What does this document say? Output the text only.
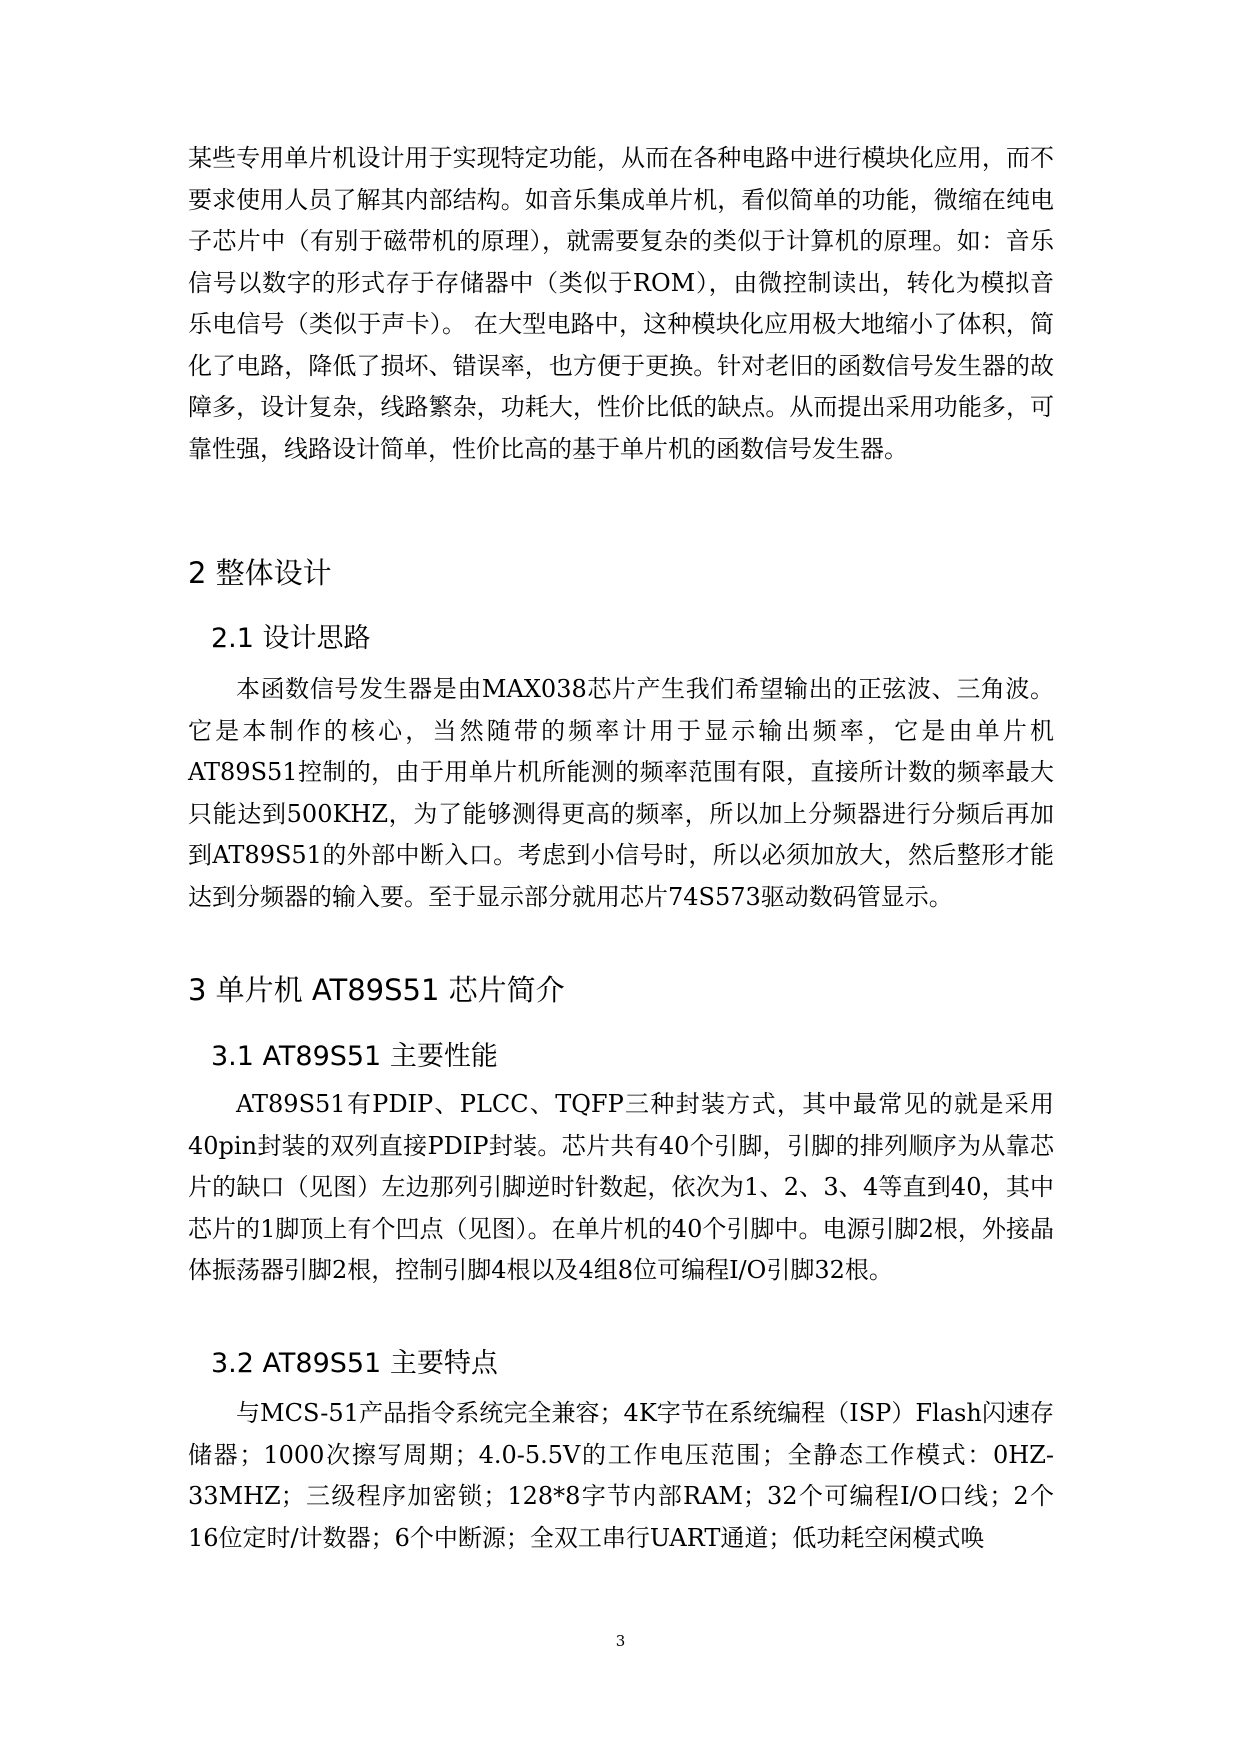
某些专用单片机设计用于实现特定功能，从而在各种电路中进行模块化应用，而不要求使用人员了解其内部结构。如音乐集成单片机，看似简单的功能，微缩在纯电子芯片中（有别于磁带机的原理），就需要复杂的类似于计算机的原理。如：音乐信号以数字的形式存于存储器中（类似于ROM），由微控制读出，转化为模拟音乐电信号（类似于声卡）。 在大型电路中，这种模块化应用极大地缩小了体积，简化了电路，降低了损坏、错误率，也方便于更换。针对老旧的函数信号发生器的故障多，设计复杂，线路繁杂，功耗大，性价比低的缺点。从而提出采用功能多，可靠性强，线路设计简单，性价比高的基于单片机的函数信号发生器。

2 整体设计
2.1 设计思路

本函数信号发生器是由MAX038芯片产生我们希望输出的正弦波、三角波。它是本制作的核心，当然随带的频率计用于显示输出频率，它是由单片机AT89S51控制的，由于用单片机所能测的频率范围有限，直接所计数的频率最大只能达到500KHZ，为了能够测得更高的频率，所以加上分频器进行分频后再加到AT89S51的外部中断入口。考虑到小信号时，所以必须加放大，然后整形才能达到分频器的输入要。至于显示部分就用芯片74S573驱动数码管显示。

3 单片机 AT89S51 芯片简介
3.1 AT89S51 主要性能

AT89S51有PDIP、PLCC、TQFP三种封装方式，其中最常见的就是采用40pin封装的双列直接PDIP封装。芯片共有40个引脚，引脚的排列顺序为从靠芯片的缺口（见图）左边那列引脚逆时针数起，依次为1、2、3、4等直到40，其中芯片的1脚顶上有个凹点（见图）。在单片机的40个引脚中。电源引脚2根，外接晶体振荡器引脚2根，控制引脚4根以及4组8位可编程I/O引脚32根。

3.2 AT89S51 主要特点

与MCS-51产品指令系统完全兼容；4K字节在系统编程（ISP）Flash闪速存储器；1000次擦写周期；4.0-5.5V的工作电压范围；全静态工作模式：0HZ-33MHZ；三级程序加密锁；128*8字节内部RAM；32个可编程I/O口线；2个16位定时/计数器；6个中断源；全双工串行UART通道；低功耗空闲模式唤

3
